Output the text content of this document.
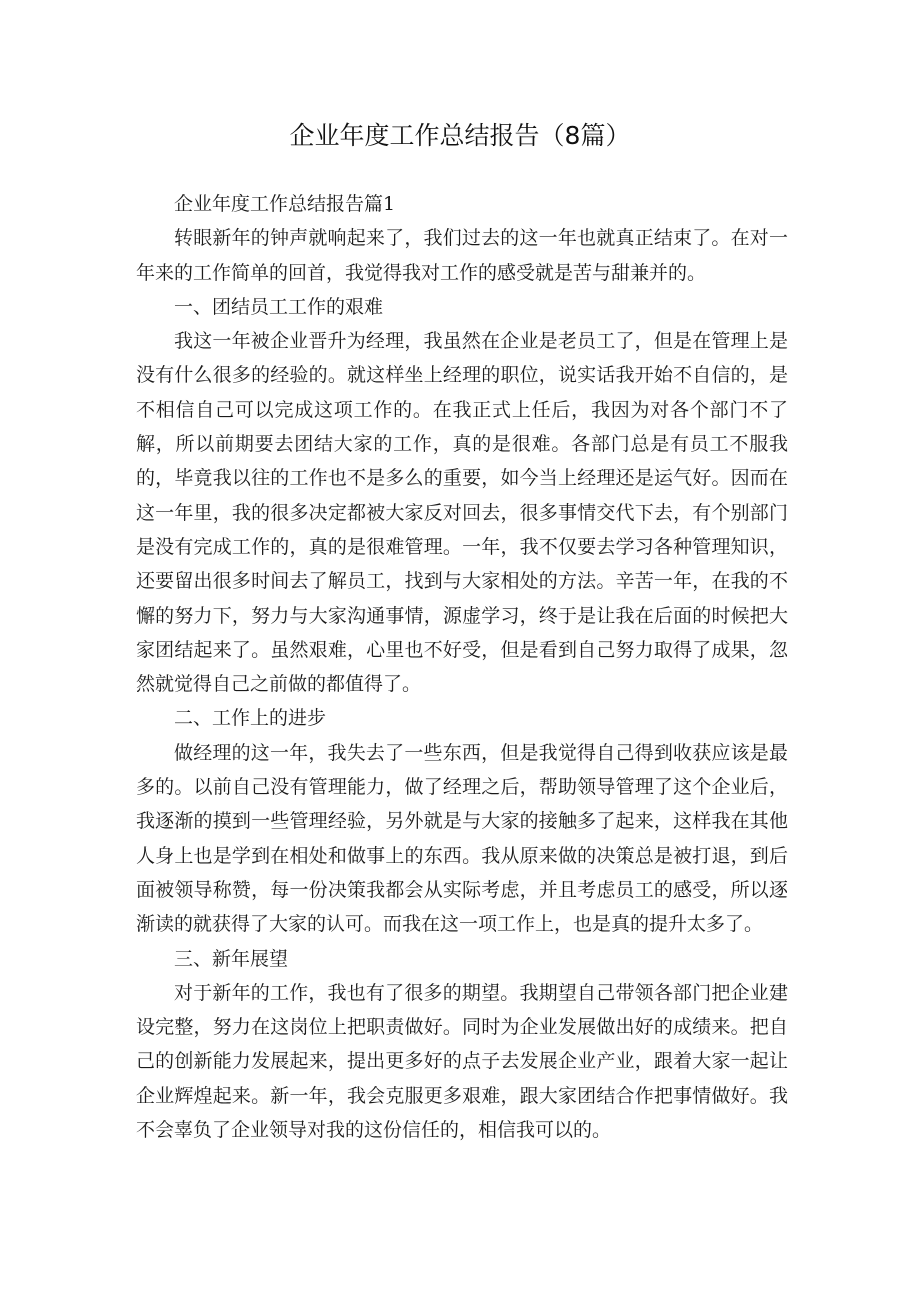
企业年度工作总结报告（8篇）

企业年度工作总结报告篇1

转眼新年的钟声就响起来了，我们过去的这一年也就真正结束了。在对一年来的工作简单的回首，我觉得我对工作的感受就是苦与甜兼并的。

一、团结员工工作的艰难

我这一年被企业晋升为经理，我虽然在企业是老员工了，但是在管理上是没有什么很多的经验的。就这样坐上经理的职位，说实话我开始不自信的，是不相信自己可以完成这项工作的。在我正式上任后，我因为对各个部门不了解，所以前期要去团结大家的工作，真的是很难。各部门总是有员工不服我的，毕竟我以往的工作也不是多么的重要，如今当上经理还是运气好。因而在这一年里，我的很多决定都被大家反对回去，很多事情交代下去，有个别部门是没有完成工作的，真的是很难管理。一年，我不仅要去学习各种管理知识，还要留出很多时间去了解员工，找到与大家相处的方法。辛苦一年，在我的不懈的努力下，努力与大家沟通事情，源虚学习，终于是让我在后面的时候把大家团结起来了。虽然艰难，心里也不好受，但是看到自己努力取得了成果，忽然就觉得自己之前做的都值得了。

二、工作上的进步

做经理的这一年，我失去了一些东西，但是我觉得自己得到收获应该是最多的。以前自己没有管理能力，做了经理之后，帮助领导管理了这个企业后，我逐渐的摸到一些管理经验，另外就是与大家的接触多了起来，这样我在其他人身上也是学到在相处和做事上的东西。我从原来做的决策总是被打退，到后面被领导称赞，每一份决策我都会从实际考虑，并且考虑员工的感受，所以逐渐读的就获得了大家的认可。而我在这一项工作上，也是真的提升太多了。

三、新年展望

对于新年的工作，我也有了很多的期望。我期望自己带领各部门把企业建设完整，努力在这岗位上把职责做好。同时为企业发展做出好的成绩来。把自己的创新能力发展起来，提出更多好的点子去发展企业产业，跟着大家一起让企业辉煌起来。新一年，我会克服更多艰难，跟大家团结合作把事情做好。我不会辜负了企业领导对我的这份信任的，相信我可以的。
